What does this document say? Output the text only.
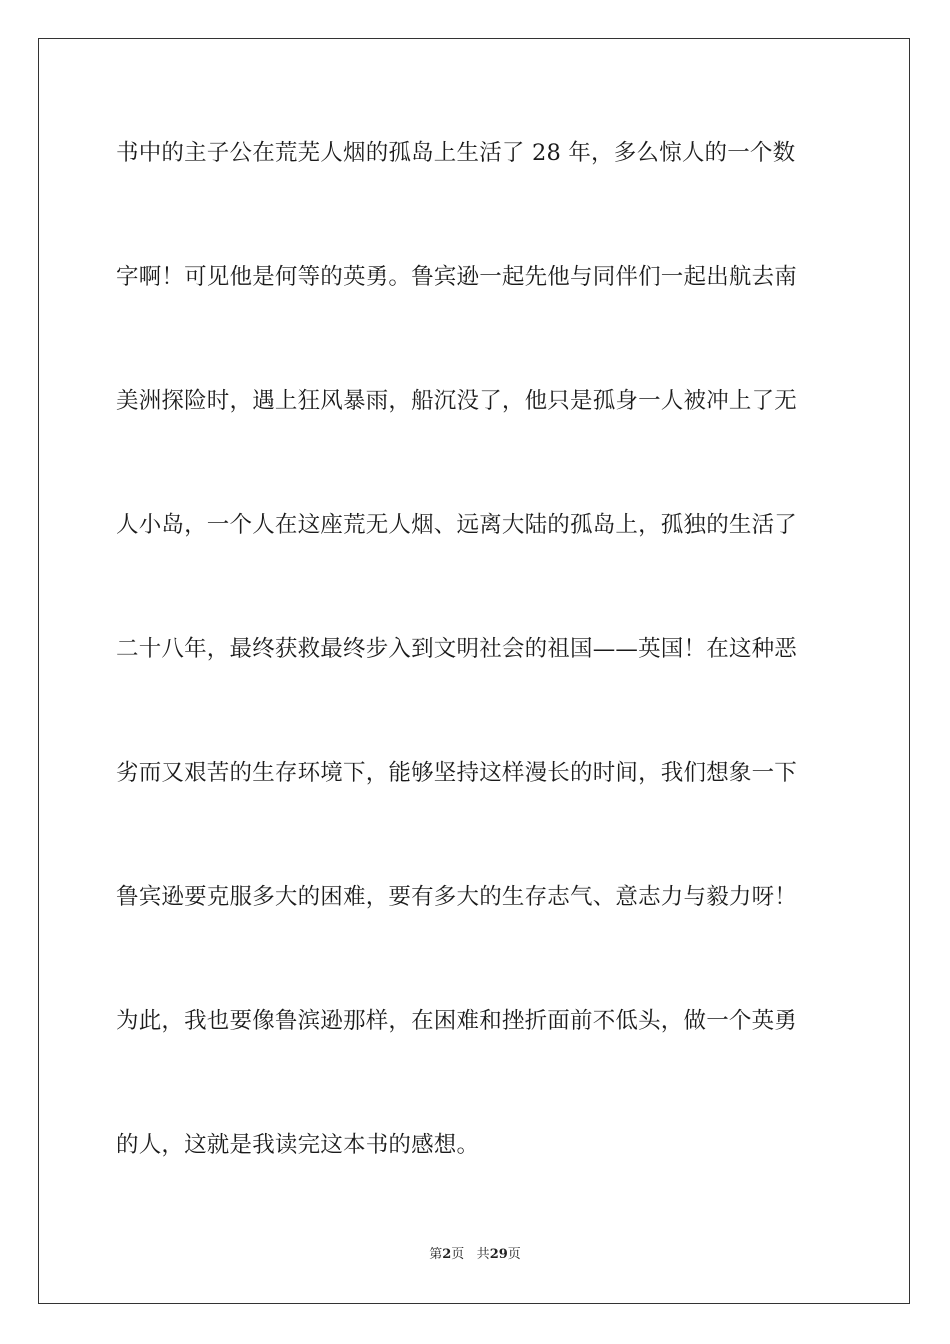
书中的主子公在荒芜人烟的孤岛上生活了 28 年，多么惊人的一个数
字啊！可见他是何等的英勇。鲁宾逊一起先他与同伴们一起出航去南
美洲探险时，遇上狂风暴雨，船沉没了，他只是孤身一人被冲上了无
人小岛，一个人在这座荒无人烟、远离大陆的孤岛上，孤独的生活了
二十八年，最终获救最终步入到文明社会的祖国——英国！在这种恶
劣而又艰苦的生存环境下，能够坚持这样漫长的时间，我们想象一下
鲁宾逊要克服多大的困难，要有多大的生存志气、意志力与毅力呀！
为此，我也要像鲁滨逊那样，在困难和挫折面前不低头，做一个英勇
的人，这就是我读完这本书的感想。
第2页 共29页
